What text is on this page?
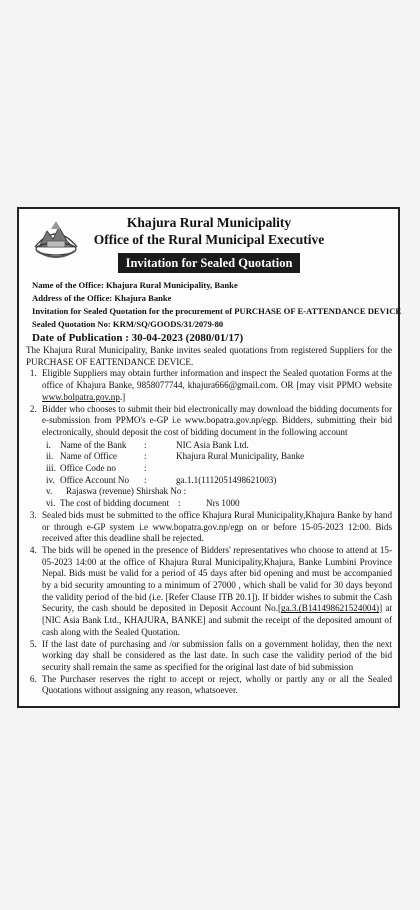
Khajura Rural Municipality
Office of the Rural Municipal Executive
Invitation for Sealed Quotation
Name of the Office: Khajura Rural Municipality, Banke
Address of the Office: Khajura Banke
Invitation for Sealed Quotation for the procurement of PURCHASE OF E-ATTENDANCE DEVICE
Sealed Quotation No: KRM/SQ/GOODS/31/2079-80
Date of Publication : 30-04-2023 (2080/01/17)

The Khajura Rural Municipality, Banke invites sealed quotations from registered Suppliers for the PURCHASE OF EATTENDANCE DEVICE.

1. Eligible Suppliers may obtain further information and inspect the Sealed quotation Forms at the office of Khajura Banke, 9858077744, khajura666@gmail.com. OR [may visit PPMO website www.bolpatra.gov.np.]
2. Bidder who chooses to submit their bid electronically may download the bidding documents for e-submission from PPMO's e-GP i.e www.bopatra.gov.np/egp. Bidders, submitting their bid electronically, should deposit the cost of bidding document in the following account
i.	Name of the Bank	:	NIC Asia Bank Ltd.
ii. Name of Office	:	Khajura Rural Municipality, Banke
iii. Office Code no	:
iv. Office Account No	:	ga.1.1(1112051498621003)
v.	Rajaswa (revenue) Shirshak No :
vi. The cost of bidding document :	Nrs 1000
3. Sealed bids must be submitted to the office Khajura Rural Municipality,Khajura Banke by hand or through e-GP system i.e www.bopatra.gov.np/egp on or before 15-05-2023 12:00. Bids received after this deadline shall be rejected.
4. The bids will be opened in the presence of Bidders' representatives who choose to attend at 15-05-2023 14:00 at the office of Khajura Rural Municipality,Khajura, Banke Lumbini Province Nepal. Bids must be valid for a period of 45 days after bid opening and must be accompanied by a bid security amounting to a minimum of 27000 , which shall be valid for 30 days beyond the validity period of the bid (i.e. [Refer Clause ITB 20.1]). If bidder wishes to submit the Cash Security, the cash should be deposited in Deposit Account No.[ga.3.(B141498621524004)] at [NIC Asia Bank Ltd., KHAJURA, BANKE] and submit the receipt of the deposited amount of cash along with the Sealed Quotation.
5. If the last date of purchasing and /or submission falls on a government holiday, then the next working day shall be considered as the last date. In such case the validity period of the bid security shall remain the same as specified for the original last date of bid submission
6. The Purchaser reserves the right to accept or reject, wholly or partly any or all the Sealed Quotations without assigning any reason, whatsoever.
